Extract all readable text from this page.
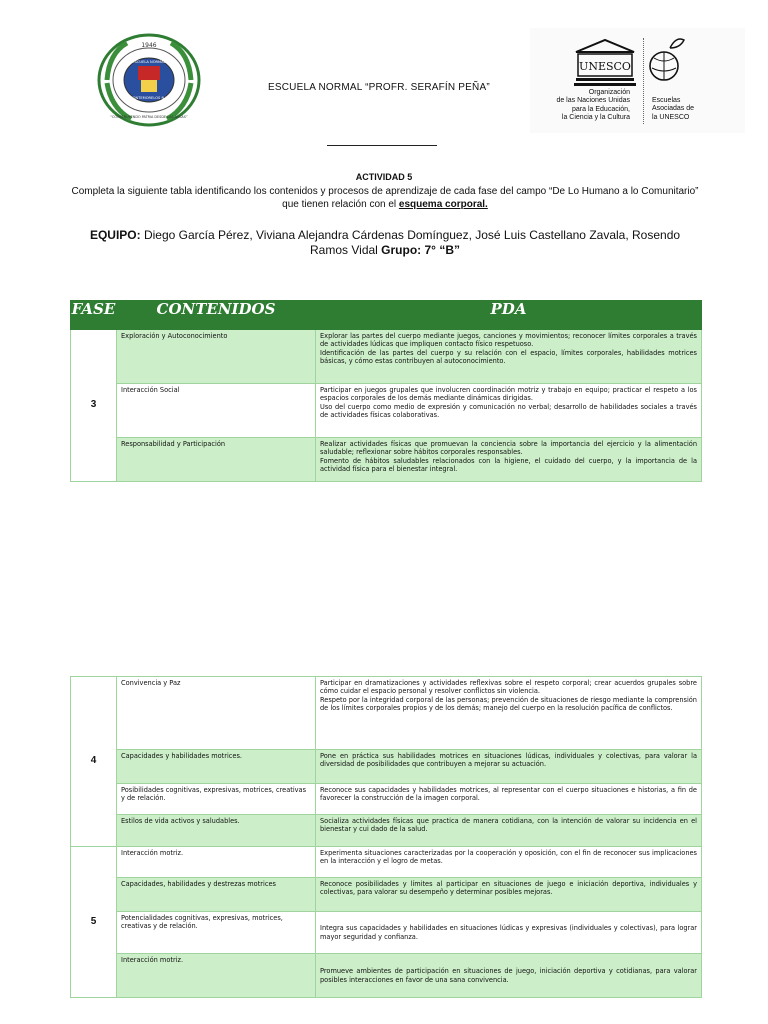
1946
ESCUELA NORMAL
MONTEMORELOS N.L.
“CONSTRUYENDO PATRIA DESDE LAS AULAS”
ESCUELA NORMAL “PROFR. SERAFÍN PEÑA”
UNESCO
Organización
de las Naciones Unidas
para la Educación,
la Ciencia y la Cultura
Escuelas
Asociadas de
la UNESCO
ACTIVIDAD 5
Completa la siguiente tabla identificando los contenidos y procesos de aprendizaje de cada fase del campo “De Lo Humano a lo Comunitario” que tienen relación con el esquema corporal.
EQUIPO: Diego García Pérez, Viviana Alejandra Cárdenas Domínguez, José Luis Castellano Zavala, Rosendo Ramos Vidal Grupo: 7° “B”
FASE	CONTENIDOS	PDA
3	Exploración y Autoconocimiento	Explorar las partes del cuerpo mediante juegos, canciones y movimientos; reconocer límites corporales a través de actividades lúdicas que impliquen contacto físico respetuoso.
Identificación de las partes del cuerpo y su relación con el espacio, límites corporales, habilidades motrices básicas, y cómo estas contribuyen al autoconocimiento.
	Interacción Social	Participar en juegos grupales que involucren coordinación motriz y trabajo en equipo; practicar el respeto a los espacios corporales de los demás mediante dinámicas dirigidas.
Uso del cuerpo como medio de expresión y comunicación no verbal; desarrollo de habilidades sociales a través de actividades físicas colaborativas.
	Responsabilidad y Participación	Realizar actividades físicas que promuevan la conciencia sobre la importancia del ejercicio y la alimentación saludable; reflexionar sobre hábitos corporales responsables.
Fomento de hábitos saludables relacionados con la higiene, el cuidado del cuerpo, y la importancia de la actividad física para el bienestar integral.
4	Convivencia y Paz	Participar en dramatizaciones y actividades reflexivas sobre el respeto corporal; crear acuerdos grupales sobre cómo cuidar el espacio personal y resolver conflictos sin violencia.
Respeto por la integridad corporal de las personas; prevención de situaciones de riesgo mediante la comprensión de los límites corporales propios y de los demás; manejo del cuerpo en la resolución pacífica de conflictos.
	Capacidades y habilidades motrices.	Pone en práctica sus habilidades motrices en situaciones lúdicas, individuales y colectivas, para valorar la diversidad de posibilidades que contribuyen a mejorar su actuación.
	Posibilidades cognitivas, expresivas, motrices, creativas y de relación.	Reconoce sus capacidades y habilidades motrices, al representar con el cuerpo situaciones e historias, a fin de favorecer la construcción de la imagen corporal.
	Estilos de vida activos y saludables.	Socializa actividades físicas que practica de manera cotidiana, con la intención de valorar su incidencia en el bienestar y cui dado de la salud.
5	Interacción motriz.	Experimenta situaciones caracterizadas por la cooperación y oposición, con el fin de reconocer sus implicaciones en la interacción y el logro de metas.
	Capacidades, habilidades y destrezas motrices	Reconoce posibilidades y límites al participar en situaciones de juego e iniciación deportiva, individuales y colectivas, para valorar su desempeño y determinar posibles mejoras.
	Potencialidades cognitivas, expresivas, motrices, creativas y de relación.	Integra sus capacidades y habilidades en situaciones lúdicas y expresivas (individuales y colectivas), para lograr mayor seguridad y confianza.
	Interacción motriz.	Promueve ambientes de participación en situaciones de juego, iniciación deportiva y cotidianas, para valorar posibles interacciones en favor de una sana convivencia.
